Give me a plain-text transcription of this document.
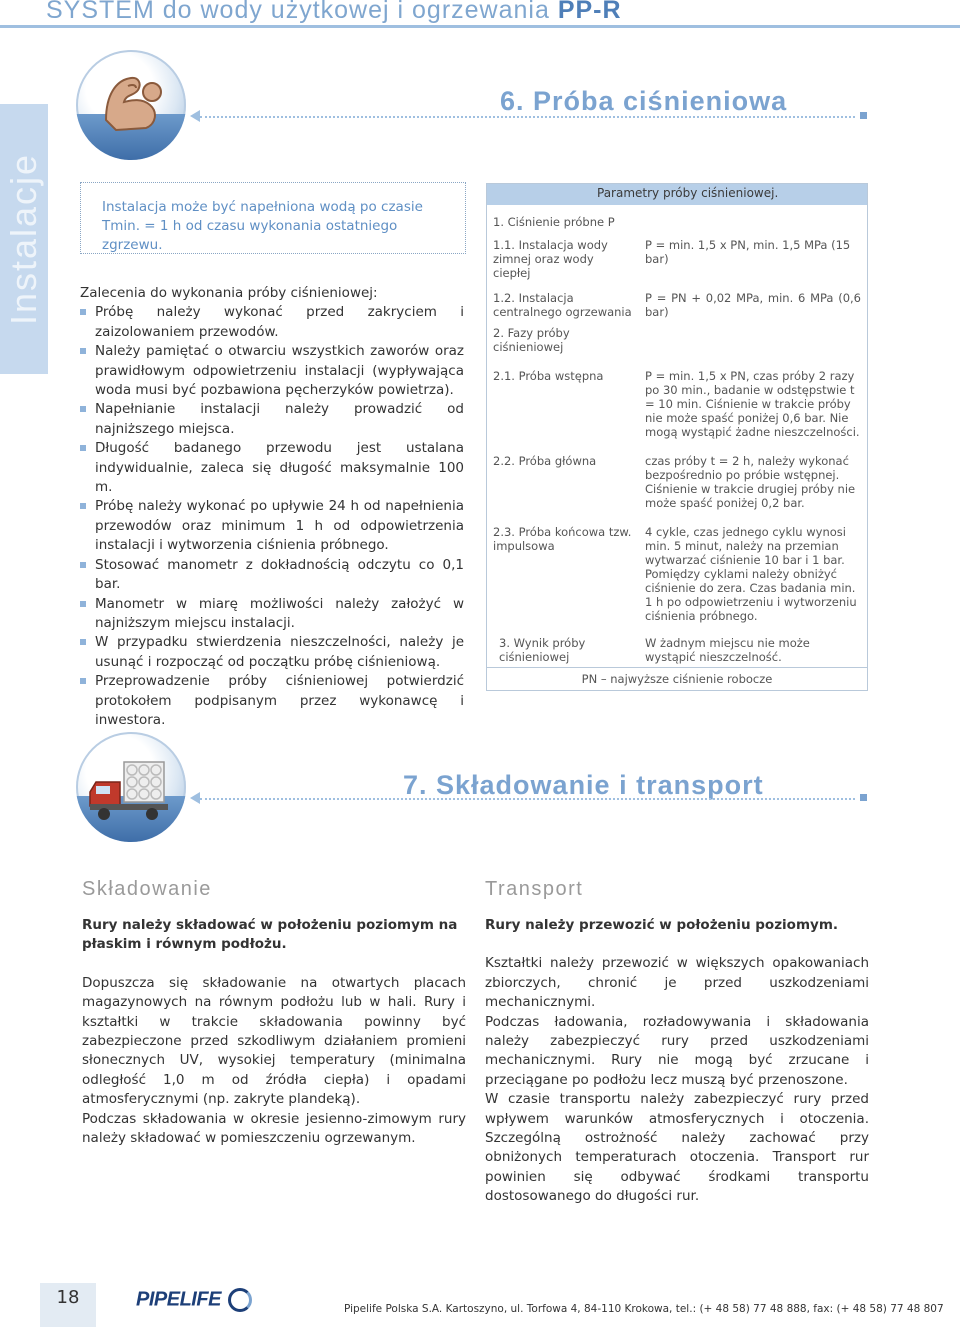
SYSTEM do wody użytkowej i ogrzewania PP-R
Instalacje
6. Próba ciśnieniowa
Instalacja może być napełniona wodą po czasie Tmin. = 1 h od czasu wykonania ostatniego zgrzewu.
Zalecenia do wykonania próby ciśnieniowej:
Próbę należy wykonać przed zakryciem i zaizolowaniem przewodów.
Należy pamiętać o otwarciu wszystkich zaworów oraz prawidłowym odpowietrzeniu instalacji (wypływająca woda musi być pozbawiona pęcherzyków powietrza).
Napełnianie instalacji należy prowadzić od najniższego miejsca.
Długość badanego przewodu jest ustalana indywidualnie, zaleca się długość maksymalnie 100 m.
Próbę należy wykonać po upływie 24 h od napełnienia przewodów oraz minimum 1 h od odpowietrzenia instalacji i wytworzenia ciśnienia próbnego.
Stosować manometr z dokładnością odczytu co 0,1 bar.
Manometr w miarę możliwości należy założyć w najniższym miejscu instalacji.
W przypadku stwierdzenia nieszczelności, należy je usunąć i rozpocząć od początku próbę ciśnieniową.
Przeprowadzenie próby ciśnieniowej potwierdzić protokołem podpisanym przez wykonawcę i inwestora.
Parametry próby ciśnieniowej.
1. Ciśnienie próbne P	
1.1. Instalacja wody zimnej oraz wody ciepłej	P = min. 1,5 x PN, min. 1,5 MPa (15 bar)
1.2. Instalacja centralnego ogrzewania	P = PN + 0,02 MPa, min. 6 MPa (0,6 bar)
2. Fazy próby ciśnieniowej	
2.1. Próba wstępna	P = min. 1,5 x PN, czas próby 2 razy po 30 min., badanie w odstępstwie t = 10 min. Ciśnienie w trakcie próby nie może spaść poniżej 0,6 bar. Nie mogą wystąpić żadne nieszczelności.
2.2. Próba główna	czas próby t = 2 h, należy wykonać bezpośrednio po próbie wstępnej. Ciśnienie w trakcie drugiej próby nie może spaść poniżej 0,2 bar.
2.3. Próba końcowa tzw. impulsowa	4 cykle, czas jednego cyklu wynosi min. 5 minut, należy na przemian wytwarzać ciśnienie 10 bar i 1 bar. Pomiędzy cyklami należy obniżyć ciśnienie do zera. Czas badania min. 1 h po odpowietrzeniu i wytworzeniu ciśnienia próbnego.
3. Wynik próby ciśnieniowej	W żadnym miejscu nie może wystąpić nieszczelność.
PN – najwyższe ciśnienie robocze
7. Składowanie i transport
Składowanie
Rury należy składować w położeniu poziomym na płaskim i równym podłożu.
Dopuszcza się składowanie na otwartych placach magazynowych na równym podłożu lub w hali. Rury i kształtki w trakcie składowania powinny być zabezpieczone przed szkodliwym działaniem promieni słonecznych UV, wysokiej temperatury (minimalna odległość 1,0 m od źródła ciepła) i opadami atmosferycznymi (np. zakryte plandeką).
Podczas składowania w okresie jesienno-zimowym rury należy składować w pomieszczeniu ogrzewanym.
Transport
Rury należy przewozić w położeniu poziomym.
Kształtki należy przewozić w większych opakowaniach zbiorczych, chronić je przed uszkodzeniami mechanicznymi.
Podczas ładowania, rozładowywania i składowania należy zabezpieczyć rury przed uszkodzeniami mechanicznymi. Rury nie mogą być zrzucane i przeciągane po podłożu lecz muszą być przenoszone.
W czasie transportu należy zabezpieczyć rury przed wpływem warunków atmosferycznych i otoczenia. Szczególną ostrożność należy zachować przy obniżonych temperaturach otoczenia. Transport rur powinien się odbywać środkami transportu dostosowanego do długości rur.
18	PIPELIFE	Pipelife Polska S.A. Kartoszyno, ul. Torfowa 4, 84-110 Krokowa, tel.: (+ 48 58) 77 48 888, fax: (+ 48 58) 77 48 807
